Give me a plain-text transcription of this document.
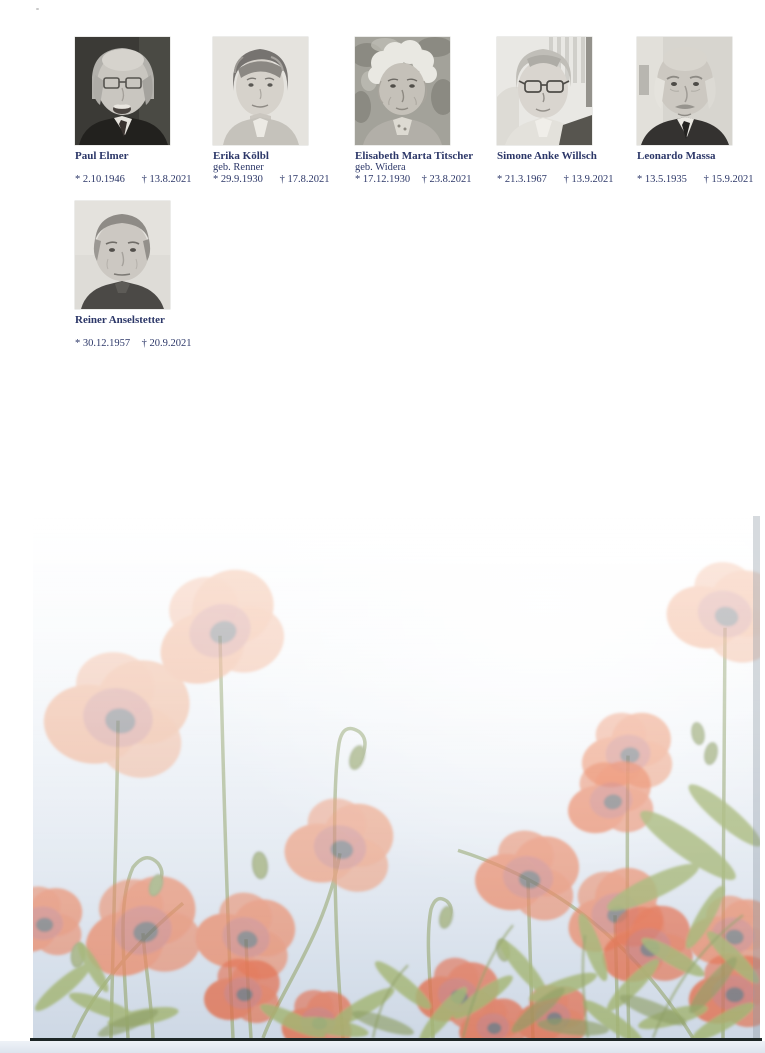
Paul Elmer
* 2.10.1946 † 13.8.2021
Erika Kölbl
geb. Renner
* 29.9.1930 † 17.8.2021
Elisabeth Marta Titscher
geb. Widera
* 17.12.1930 † 23.8.2021
Simone Anke Willsch
* 21.3.1967 † 13.9.2021
Leonardo Massa
* 13.5.1935 † 15.9.2021
Reiner Anselstetter
* 30.12.1957 † 20.9.2021
